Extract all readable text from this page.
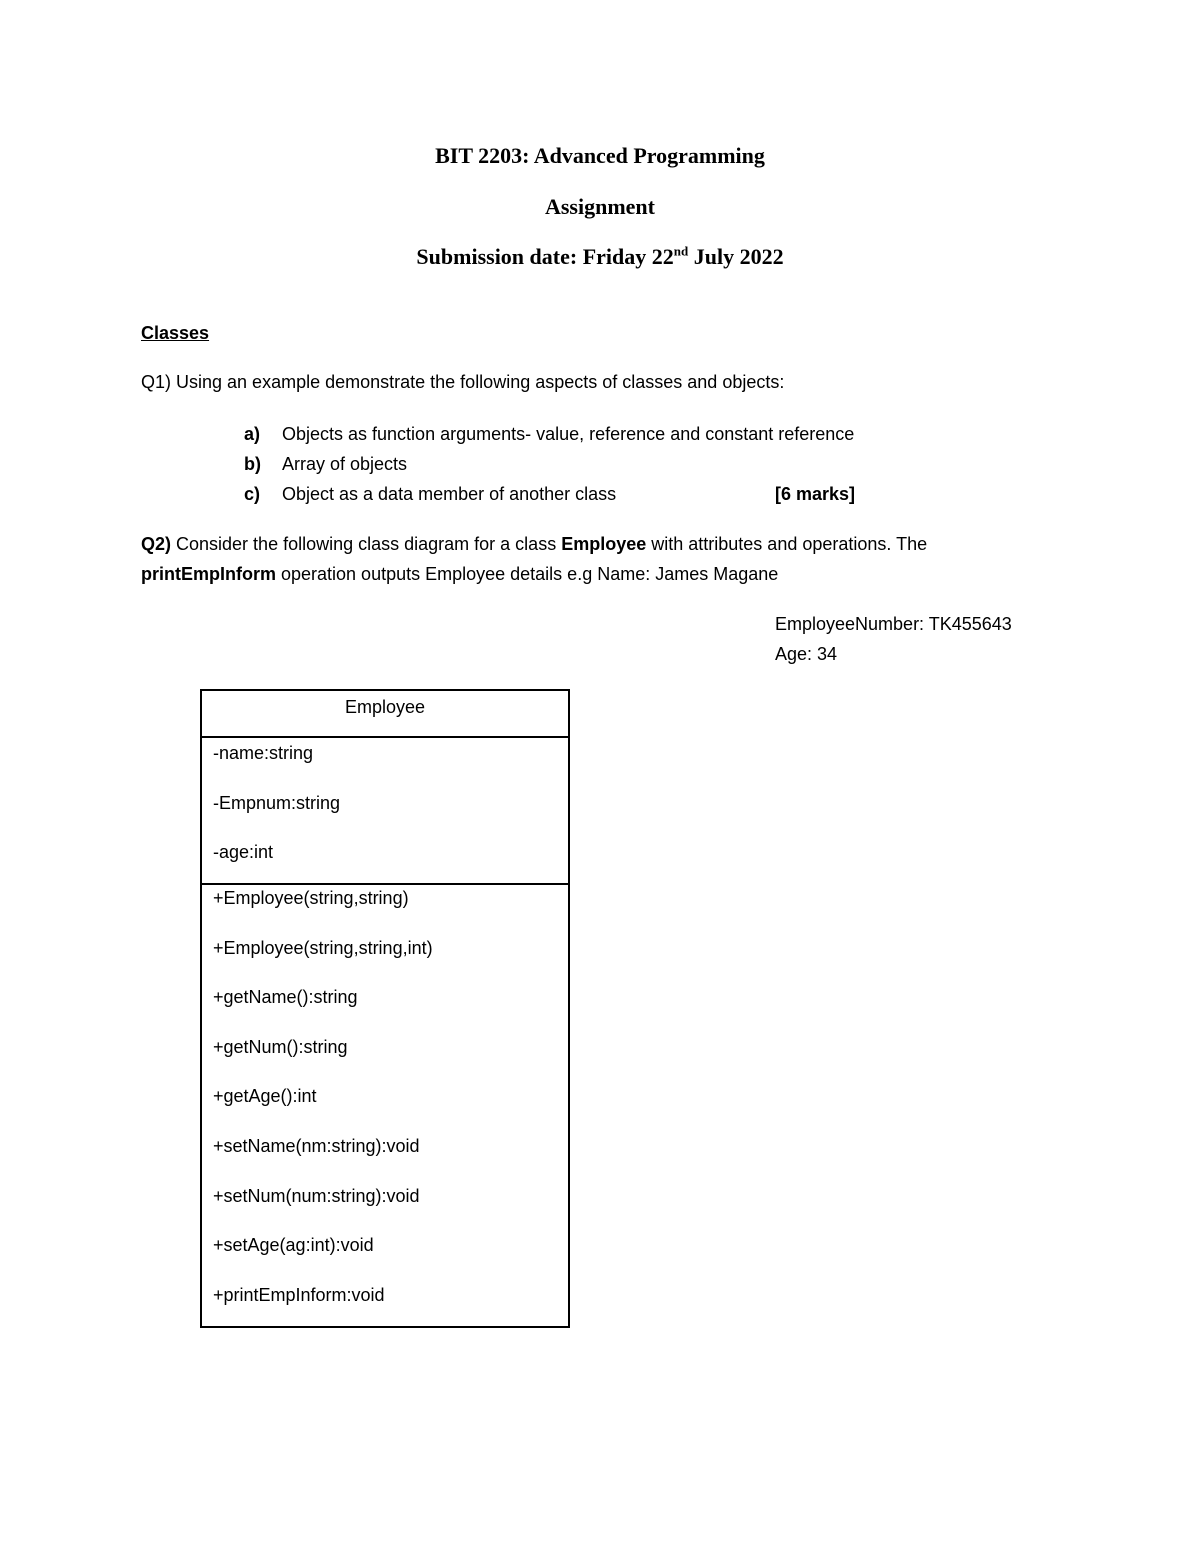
BIT 2203: Advanced Programming
Assignment
Submission date: Friday 22nd July 2022
Classes
Q1) Using an example demonstrate the following aspects of classes and objects:
a) Objects as function arguments- value, reference and constant reference
b) Array of objects
c) Object as a data member of another class	[6 marks]
Q2) Consider the following class diagram for a class Employee with attributes and operations. The
printEmpInform operation outputs Employee details e.g Name: James Magane
EmployeeNumber: TK455643
Age: 34
Employee
-name:string
-Empnum:string
-age:int
+Employee(string,string)
+Employee(string,string,int)
+getName():string
+getNum():string
+getAge():int
+setName(nm:string):void
+setNum(num:string):void
+setAge(ag:int):void
+printEmpInform:void
